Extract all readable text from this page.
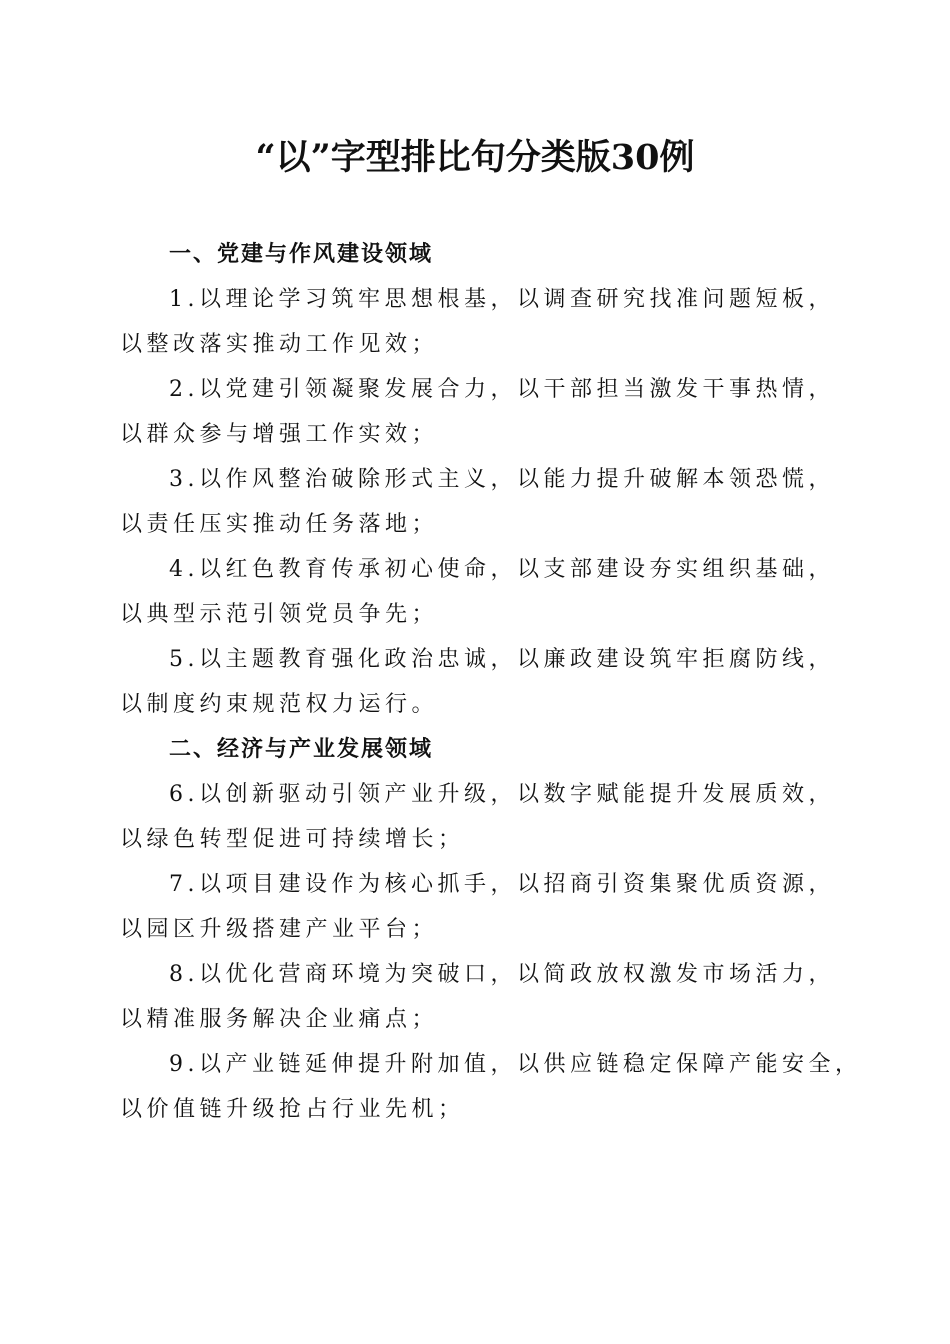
“以”字型排比句分类版30例

一、党建与作风建设领域

1.以理论学习筑牢思想根基，以调查研究找准问题短板，
以整改落实推动工作见效；

2.以党建引领凝聚发展合力，以干部担当激发干事热情，
以群众参与增强工作实效；

3.以作风整治破除形式主义，以能力提升破解本领恐慌，
以责任压实推动任务落地；

4.以红色教育传承初心使命，以支部建设夯实组织基础，
以典型示范引领党员争先；

5.以主题教育强化政治忠诚，以廉政建设筑牢拒腐防线，
以制度约束规范权力运行。

二、经济与产业发展领域

6.以创新驱动引领产业升级，以数字赋能提升发展质效，
以绿色转型促进可持续增长；

7.以项目建设作为核心抓手，以招商引资集聚优质资源，
以园区升级搭建产业平台；

8.以优化营商环境为突破口，以简政放权激发市场活力，
以精准服务解决企业痛点；

9.以产业链延伸提升附加值，以供应链稳定保障产能安全，
以价值链升级抢占行业先机；
